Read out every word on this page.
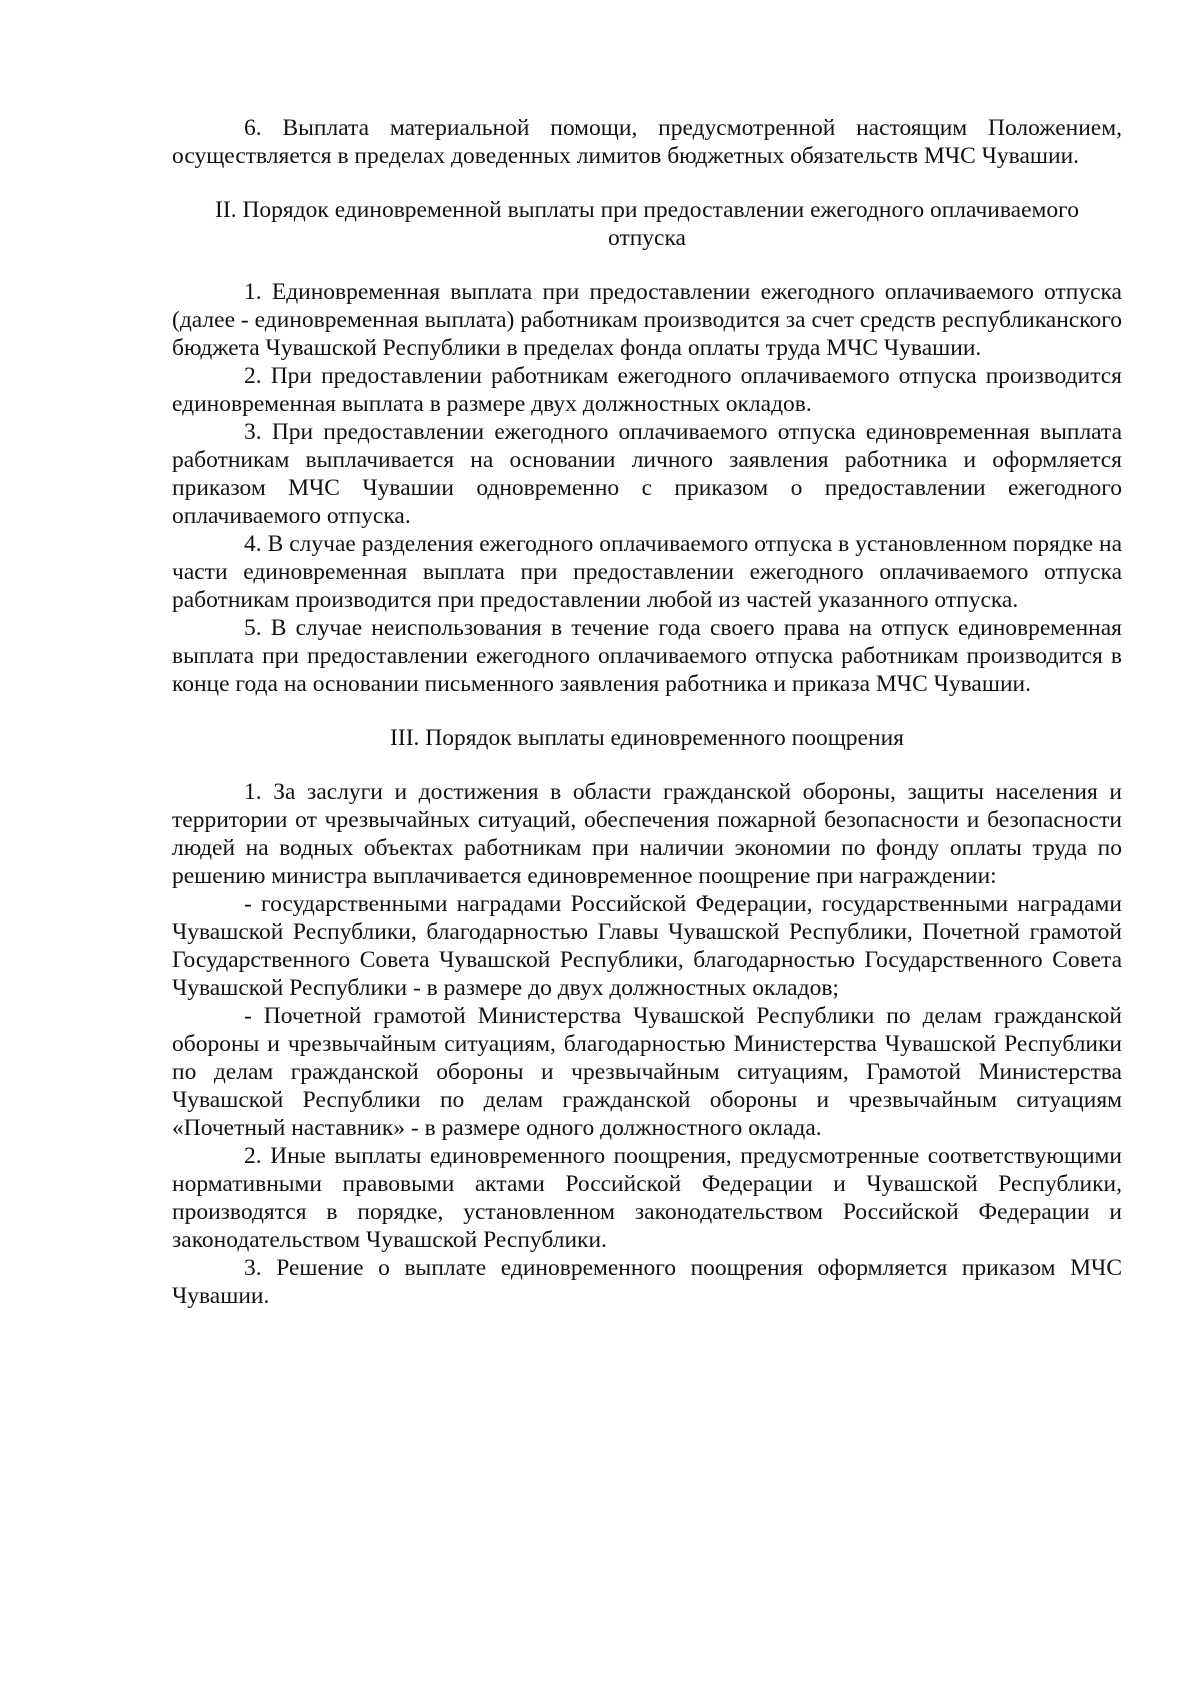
6. Выплата материальной помощи, предусмотренной настоящим Положением, осуществляется в пределах доведенных лимитов бюджетных обязательств МЧС Чувашии.

II. Порядок единовременной выплаты при предоставлении ежегодного оплачиваемого отпуска

1. Единовременная выплата при предоставлении ежегодного оплачиваемого отпуска (далее - единовременная выплата) работникам производится за счет средств республиканского бюджета Чувашской Республики в пределах фонда оплаты труда МЧС Чувашии.

2. При предоставлении работникам ежегодного оплачиваемого отпуска производится единовременная выплата в размере двух должностных окладов.

3. При предоставлении ежегодного оплачиваемого отпуска единовременная выплата работникам выплачивается на основании личного заявления работника и оформляется приказом МЧС Чувашии одновременно с приказом о предоставлении ежегодного оплачиваемого отпуска.

4. В случае разделения ежегодного оплачиваемого отпуска в установленном порядке на части единовременная выплата при предоставлении ежегодного оплачиваемого отпуска работникам производится при предоставлении любой из частей указанного отпуска.

5. В случае неиспользования в течение года своего права на отпуск единовременная выплата при предоставлении ежегодного оплачиваемого отпуска работникам производится в конце года на основании письменного заявления работника и приказа МЧС Чувашии.

III. Порядок выплаты единовременного поощрения

1. За заслуги и достижения в области гражданской обороны, защиты населения и территории от чрезвычайных ситуаций, обеспечения пожарной безопасности и безопасности людей на водных объектах работникам при наличии экономии по фонду оплаты труда по решению министра выплачивается единовременное поощрение при награждении:

- государственными наградами Российской Федерации, государственными наградами Чувашской Республики, благодарностью Главы Чувашской Республики, Почетной грамотой Государственного Совета Чувашской Республики, благодарностью Государственного Совета Чувашской Республики - в размере до двух должностных окладов;

- Почетной грамотой Министерства Чувашской Республики по делам гражданской обороны и чрезвычайным ситуациям, благодарностью Министерства Чувашской Республики по делам гражданской обороны и чрезвычайным ситуациям, Грамотой Министерства Чувашской Республики по делам гражданской обороны и чрезвычайным ситуациям «Почетный наставник» - в размере одного должностного оклада.

2. Иные выплаты единовременного поощрения, предусмотренные соответствующими нормативными правовыми актами Российской Федерации и Чувашской Республики, производятся в порядке, установленном законодательством Российской Федерации и законодательством Чувашской Республики.

3. Решение о выплате единовременного поощрения оформляется приказом МЧС Чувашии.
